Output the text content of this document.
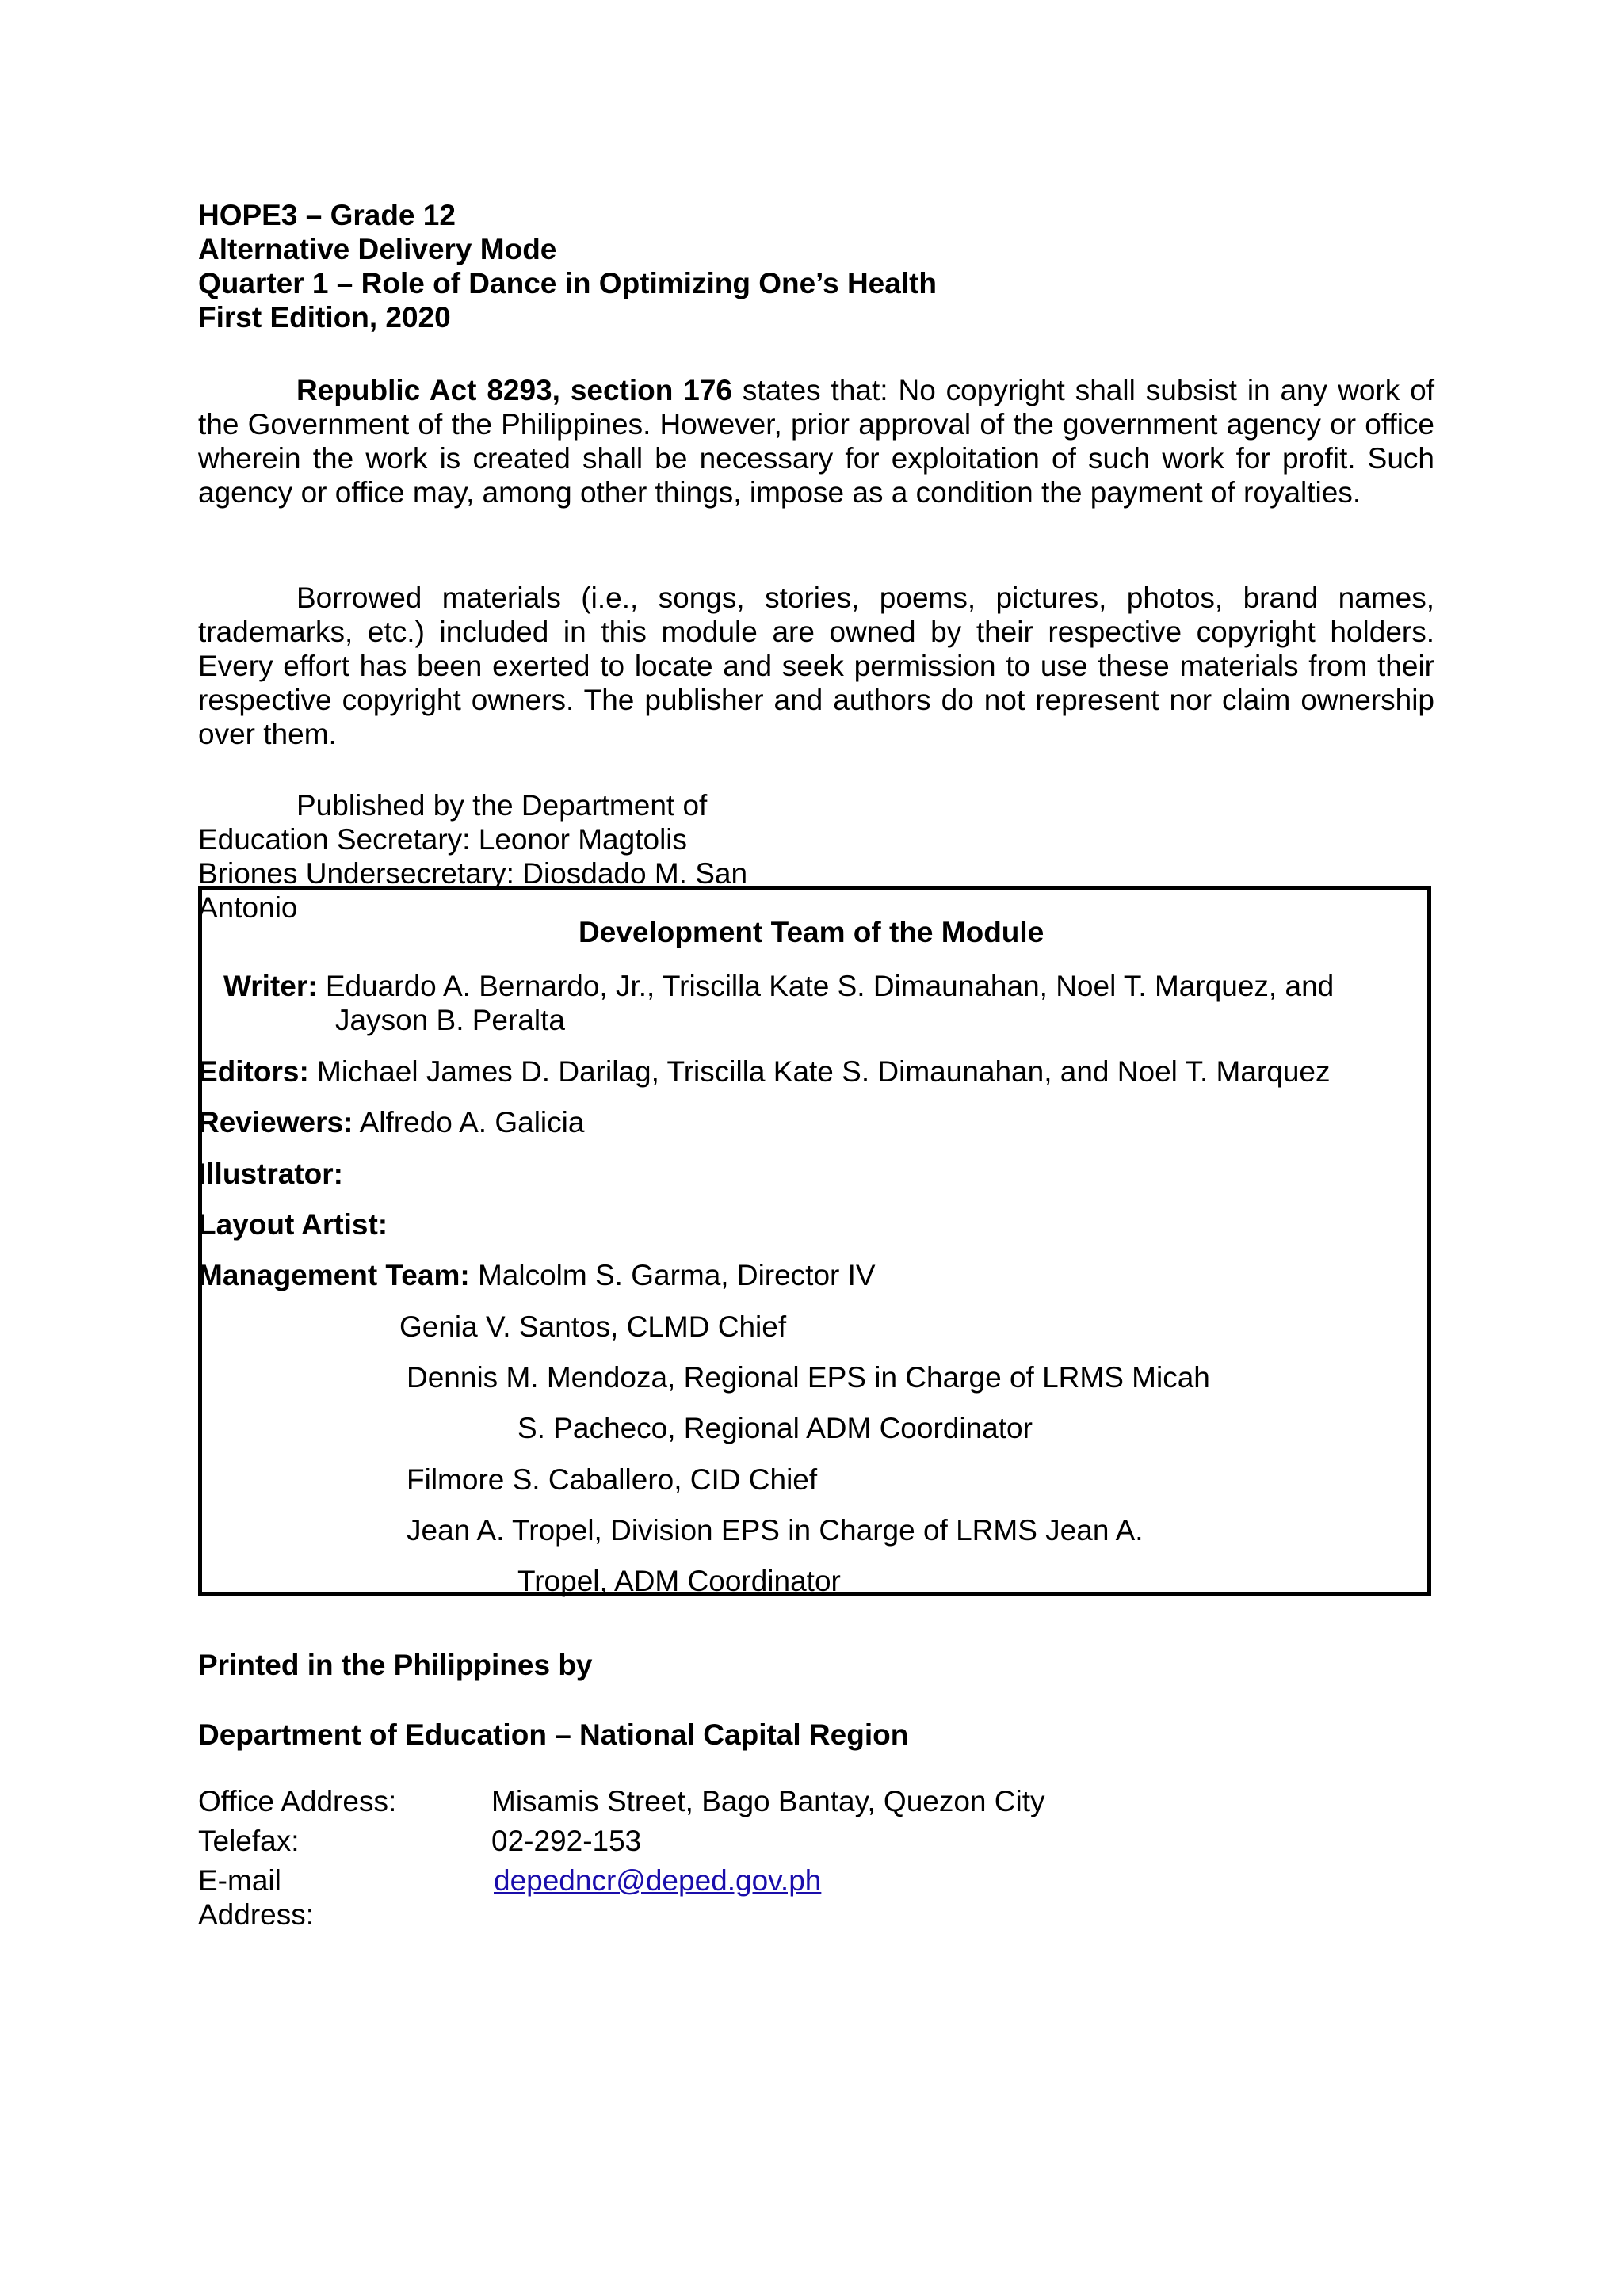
HOPE3 – Grade 12
Alternative Delivery Mode
Quarter 1 – Role of Dance in Optimizing One’s Health
First Edition, 2020

Republic Act 8293, section 176 states that: No copyright shall subsist in any work of the Government of the Philippines. However, prior approval of the government agency or office wherein the work is created shall be necessary for exploitation of such work for profit. Such agency or office may, among other things, impose as a condition the payment of royalties.

Borrowed materials (i.e., songs, stories, poems, pictures, photos, brand names, trademarks, etc.) included in this module are owned by their respective copyright holders. Every effort has been exerted to locate and seek permission to use these materials from their respective copyright owners. The publisher and authors do not represent nor claim ownership over them.

Published by the Department of
Education Secretary: Leonor Magtolis
Briones Undersecretary: Diosdado M. San
Antonio
Development Team of the Module
Writer: Eduardo A. Bernardo, Jr., Triscilla Kate S. Dimaunahan, Noel T. Marquez, and
Jayson B. Peralta
Editors: Michael James D. Darilag, Triscilla Kate S. Dimaunahan, and Noel T. Marquez
Reviewers: Alfredo A. Galicia
Illustrator:
Layout Artist:
Management Team: Malcolm S. Garma, Director IV
Genia V. Santos, CLMD Chief
Dennis M. Mendoza, Regional EPS in Charge of LRMS Micah
S. Pacheco, Regional ADM Coordinator
Filmore S. Caballero, CID Chief
Jean A. Tropel, Division EPS in Charge of LRMS Jean A.
Tropel, ADM Coordinator
Printed in the Philippines by
Department of Education – National Capital Region
Office Address:	Misamis Street, Bago Bantay, Quezon City
Telefax:	02-292-153
E-mail
Address:depedncr@deped.gov.ph
